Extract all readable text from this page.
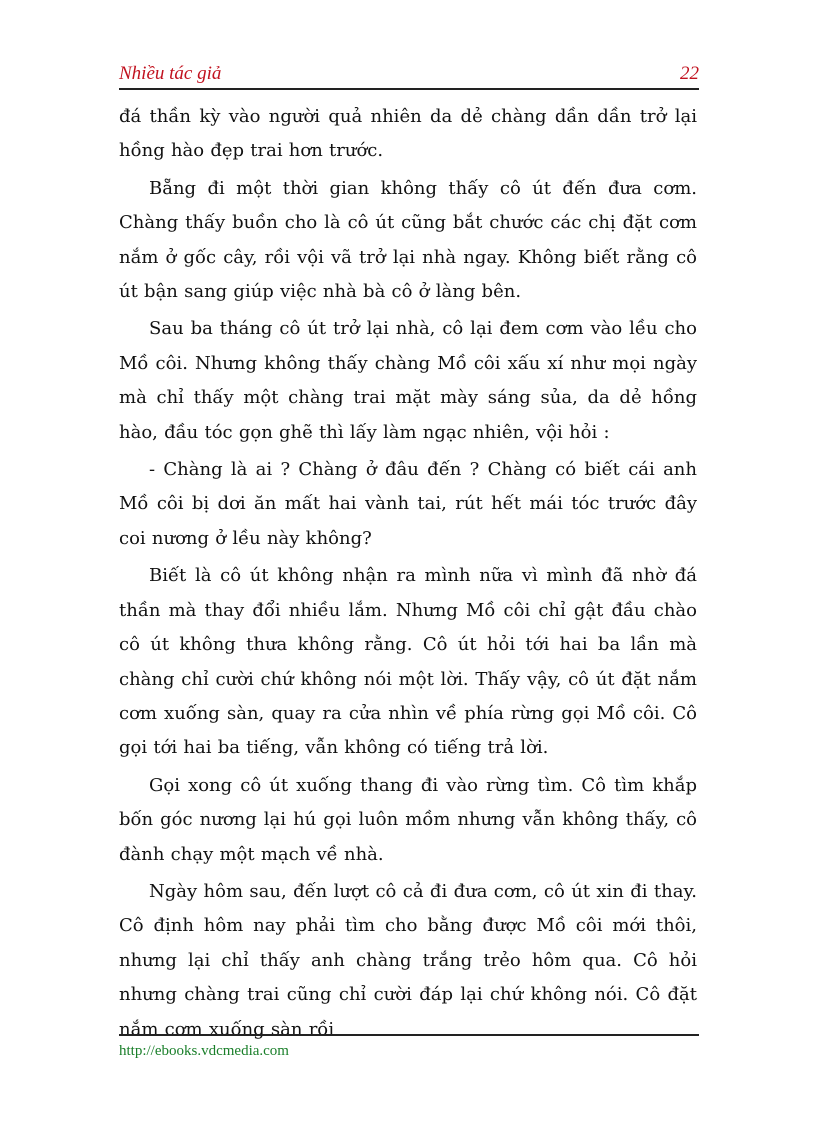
Nhiều tác giả	22

đá thần kỳ vào người quả nhiên da dẻ chàng dần dần trở lại hồng hào đẹp trai hơn trước.

Bẵng đi một thời gian không thấy cô út đến đưa cơm. Chàng thấy buồn cho là cô út cũng bắt chước các chị đặt cơm nắm ở gốc cây, rồi vội vã trở lại nhà ngay. Không biết rằng cô út bận sang giúp việc nhà bà cô ở làng bên.

Sau ba tháng cô út trở lại nhà, cô lại đem cơm vào lều cho Mồ côi. Nhưng không thấy chàng Mồ côi xấu xí như mọi ngày mà chỉ thấy một chàng trai mặt mày sáng sủa, da dẻ hồng hào, đầu tóc gọn ghẽ thì lấy làm ngạc nhiên, vội hỏi :

- Chàng là ai ? Chàng ở đâu đến ? Chàng có biết cái anh Mồ côi bị dơi ăn mất hai vành tai, rút hết mái tóc trước đây coi nương ở lều này không?

Biết là cô út không nhận ra mình nữa vì mình đã nhờ đá thần mà thay đổi nhiều lắm. Nhưng Mồ côi chỉ gật đầu chào cô út không thưa không rằng. Cô út hỏi tới hai ba lần mà chàng chỉ cười chứ không nói một lời. Thấy vậy, cô út đặt nắm cơm xuống sàn, quay ra cửa nhìn về phía rừng gọi Mồ côi. Cô gọi tới hai ba tiếng, vẫn không có tiếng trả lời.

Gọi xong cô út xuống thang đi vào rừng tìm. Cô tìm khắp bốn góc nương lại hú gọi luôn mồm nhưng vẫn không thấy, cô đành chạy một mạch về nhà.

Ngày hôm sau, đến lượt cô cả đi đưa cơm, cô út xin đi thay. Cô định hôm nay phải tìm cho bằng được Mồ côi mới thôi, nhưng lại chỉ thấy anh chàng trắng trẻo hôm qua. Cô hỏi nhưng chàng trai cũng chỉ cười đáp lại chứ không nói. Cô đặt nắm cơm xuống sàn rồi

http://ebooks.vdcmedia.com
